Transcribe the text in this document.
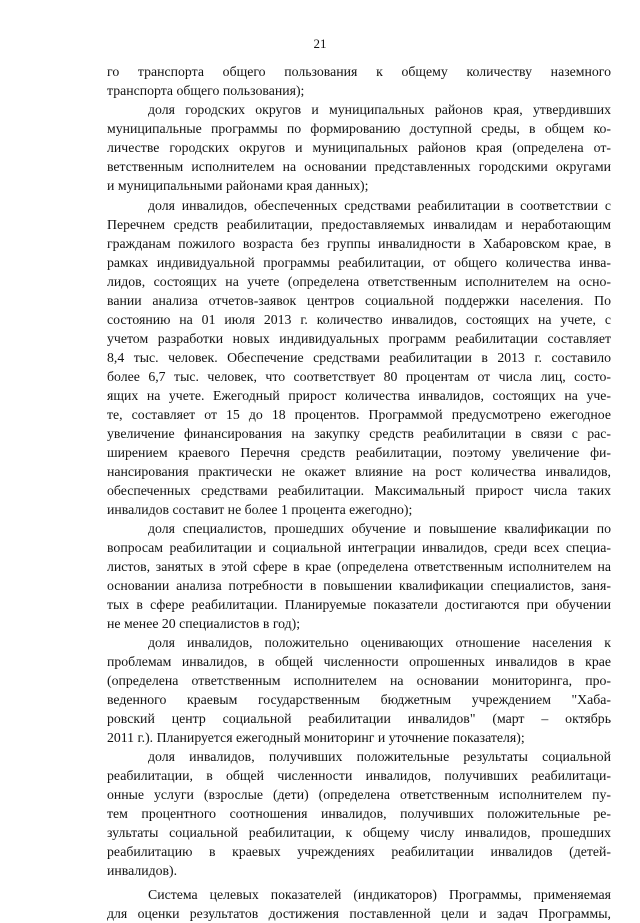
21
го транспорта общего пользования к общему количеству наземного
транспорта общего пользования);
доля городских округов и муниципальных районов края, утвердивших
муниципальные программы по формированию доступной среды, в общем ко-
личестве городских округов и муниципальных районов края (определена от-
ветственным исполнителем на основании представленных городскими округами
и муниципальными районами края данных);
доля инвалидов, обеспеченных средствами реабилитации в соответствии с
Перечнем средств реабилитации, предоставляемых инвалидам и неработающим
гражданам пожилого возраста без группы инвалидности в Хабаровском крае, в
рамках индивидуальной программы реабилитации, от общего количества инва-
лидов, состоящих на учете (определена ответственным исполнителем на осно-
вании анализа отчетов-заявок центров социальной поддержки населения. По
состоянию на 01 июля 2013 г. количество инвалидов, состоящих на учете, с
учетом разработки новых индивидуальных программ реабилитации составляет
8,4 тыс. человек. Обеспечение средствами реабилитации в 2013 г. составило
более 6,7 тыс. человек, что соответствует 80 процентам от числа лиц, состо-
ящих на учете. Ежегодный прирост количества инвалидов, состоящих на уче-
те, составляет от 15 до 18 процентов. Программой предусмотрено ежегодное
увеличение финансирования на закупку средств реабилитации в связи с рас-
ширением краевого Перечня средств реабилитации, поэтому увеличение фи-
нансирования практически не окажет влияние на рост количества инвалидов,
обеспеченных средствами реабилитации. Максимальный прирост числа таких
инвалидов составит не более 1 процента ежегодно);
доля специалистов, прошедших обучение и повышение квалификации по
вопросам реабилитации и социальной интеграции инвалидов, среди всех специа-
листов, занятых в этой сфере в крае (определена ответственным исполнителем на
основании анализа потребности в повышении квалификации специалистов, заня-
тых в сфере реабилитации. Планируемые показатели достигаются при обучении
не менее 20 специалистов в год);
доля инвалидов, положительно оценивающих отношение населения к
проблемам инвалидов, в общей численности опрошенных инвалидов в крае
(определена ответственным исполнителем на основании мониторинга, про-
веденного краевым государственным бюджетным учреждением "Хаба-
ровский центр социальной реабилитации инвалидов" (март – октябрь
2011 г.). Планируется ежегодный мониторинг и уточнение показателя);
доля инвалидов, получивших положительные результаты социальной
реабилитации, в общей численности инвалидов, получивших реабилитаци-
онные услуги (взрослые (дети) (определена ответственным исполнителем пу-
тем процентного соотношения инвалидов, получивших положительные ре-
зультаты социальной реабилитации, к общему числу инвалидов, прошедших
реабилитацию в краевых учреждениях реабилитации инвалидов (детей-
инвалидов).
Система целевых показателей (индикаторов) Программы, применяемая
для оценки результатов достижения поставленной цели и задач Программы,
